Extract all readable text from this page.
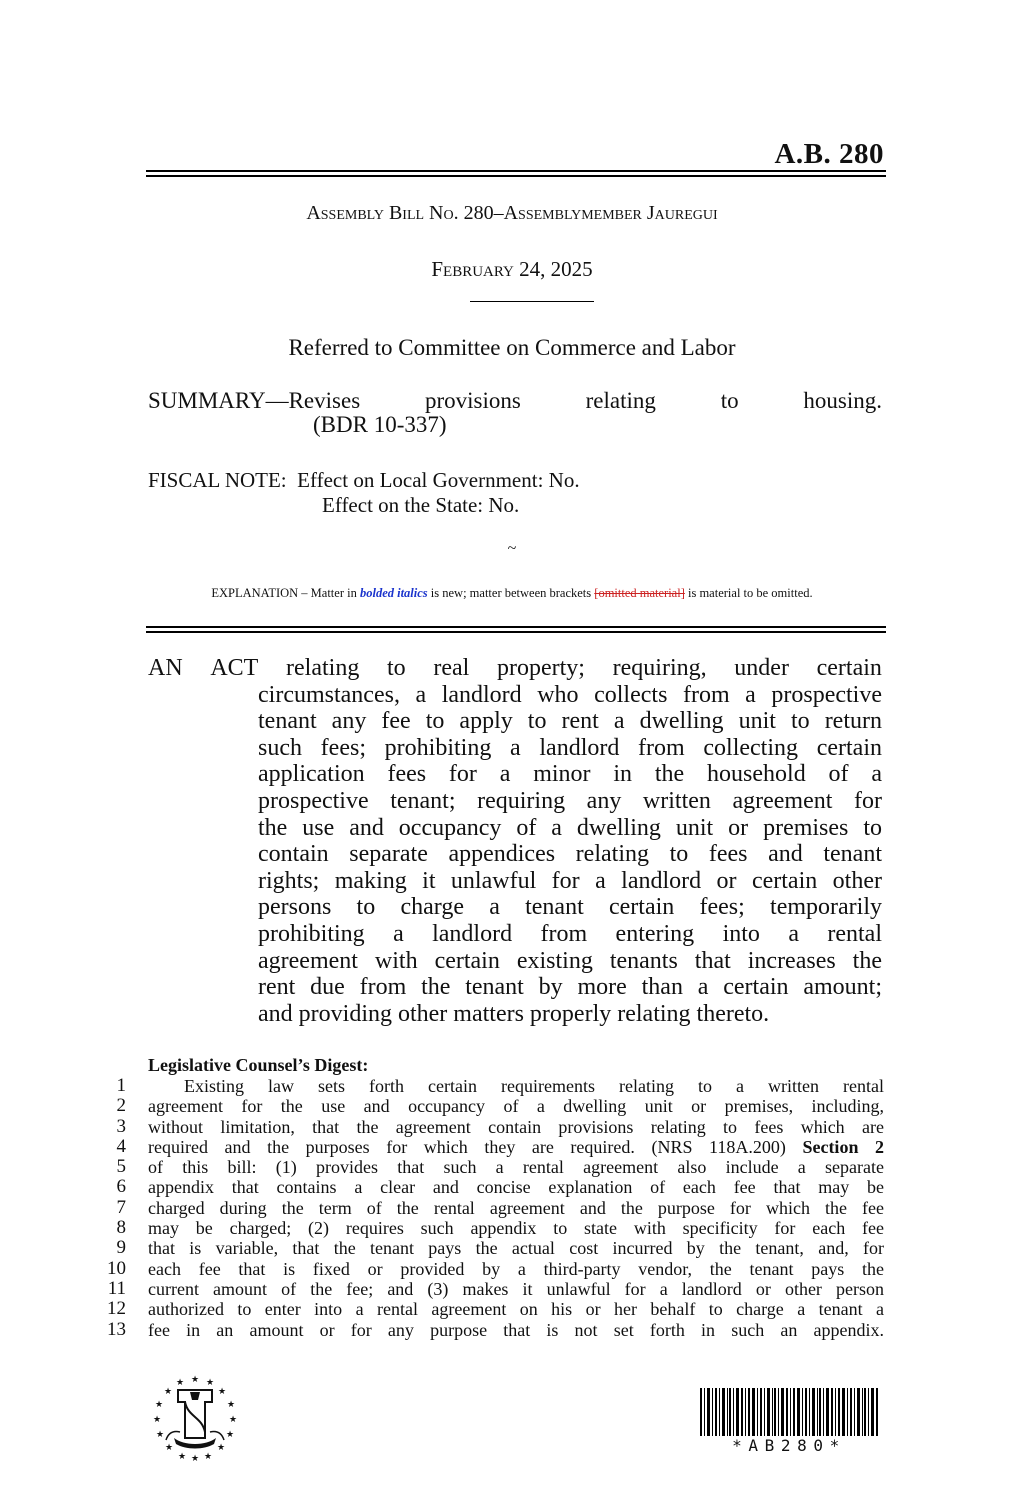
A.B. 280
Assembly Bill No. 280–Assemblymember Jauregui
February 24, 2025
Referred to Committee on Commerce and Labor
SUMMARY—Revises	provisions	relating	to	housing.
(BDR 10-337)
FISCAL NOTE: Effect on Local Government: No.
Effect on the State: No.
~
EXPLANATION – Matter in bolded italics is new; matter between brackets [omitted material] is material to be omitted.
AN ACT relating to real property; requiring, under certain
circumstances, a landlord who collects from a prospective
tenant any fee to apply to rent a dwelling unit to return
such fees; prohibiting a landlord from collecting certain
application fees for a minor in the household of a
prospective tenant; requiring any written agreement for
the use and occupancy of a dwelling unit or premises to
contain separate appendices relating to fees and tenant
rights; making it unlawful for a landlord or certain other
persons to charge a tenant certain fees; temporarily
prohibiting a landlord from entering into a rental
agreement with certain existing tenants that increases the
rent due from the tenant by more than a certain amount;
and providing other matters properly relating thereto.
Legislative Counsel’s Digest:
1	Existing law sets forth certain requirements relating to a written rental
2 agreement for the use and occupancy of a dwelling unit or premises, including,
3 without limitation, that the agreement contain provisions relating to fees which are
4 required and the purposes for which they are required. (NRS 118A.200) Section 2
5 of this bill: (1) provides that such a rental agreement also include a separate
6 appendix that contains a clear and concise explanation of each fee that may be
7 charged during the term of the rental agreement and the purpose for which the fee
8 may be charged; (2) requires such appendix to state with specificity for each fee
9 that is variable, that the tenant pays the actual cost incurred by the tenant, and, for
10 each fee that is fixed or provided by a third-party vendor, the tenant pays the
11 current amount of the fee; and (3) makes it unlawful for a landlord or other person
12 authorized to enter into a rental agreement on his or her behalf to charge a tenant a
13 fee in an amount or for any purpose that is not set forth in such an appendix.
★
★ ★
★	★
★	★
★	★
★	★
★	★
★ ★
★
*AB280*
